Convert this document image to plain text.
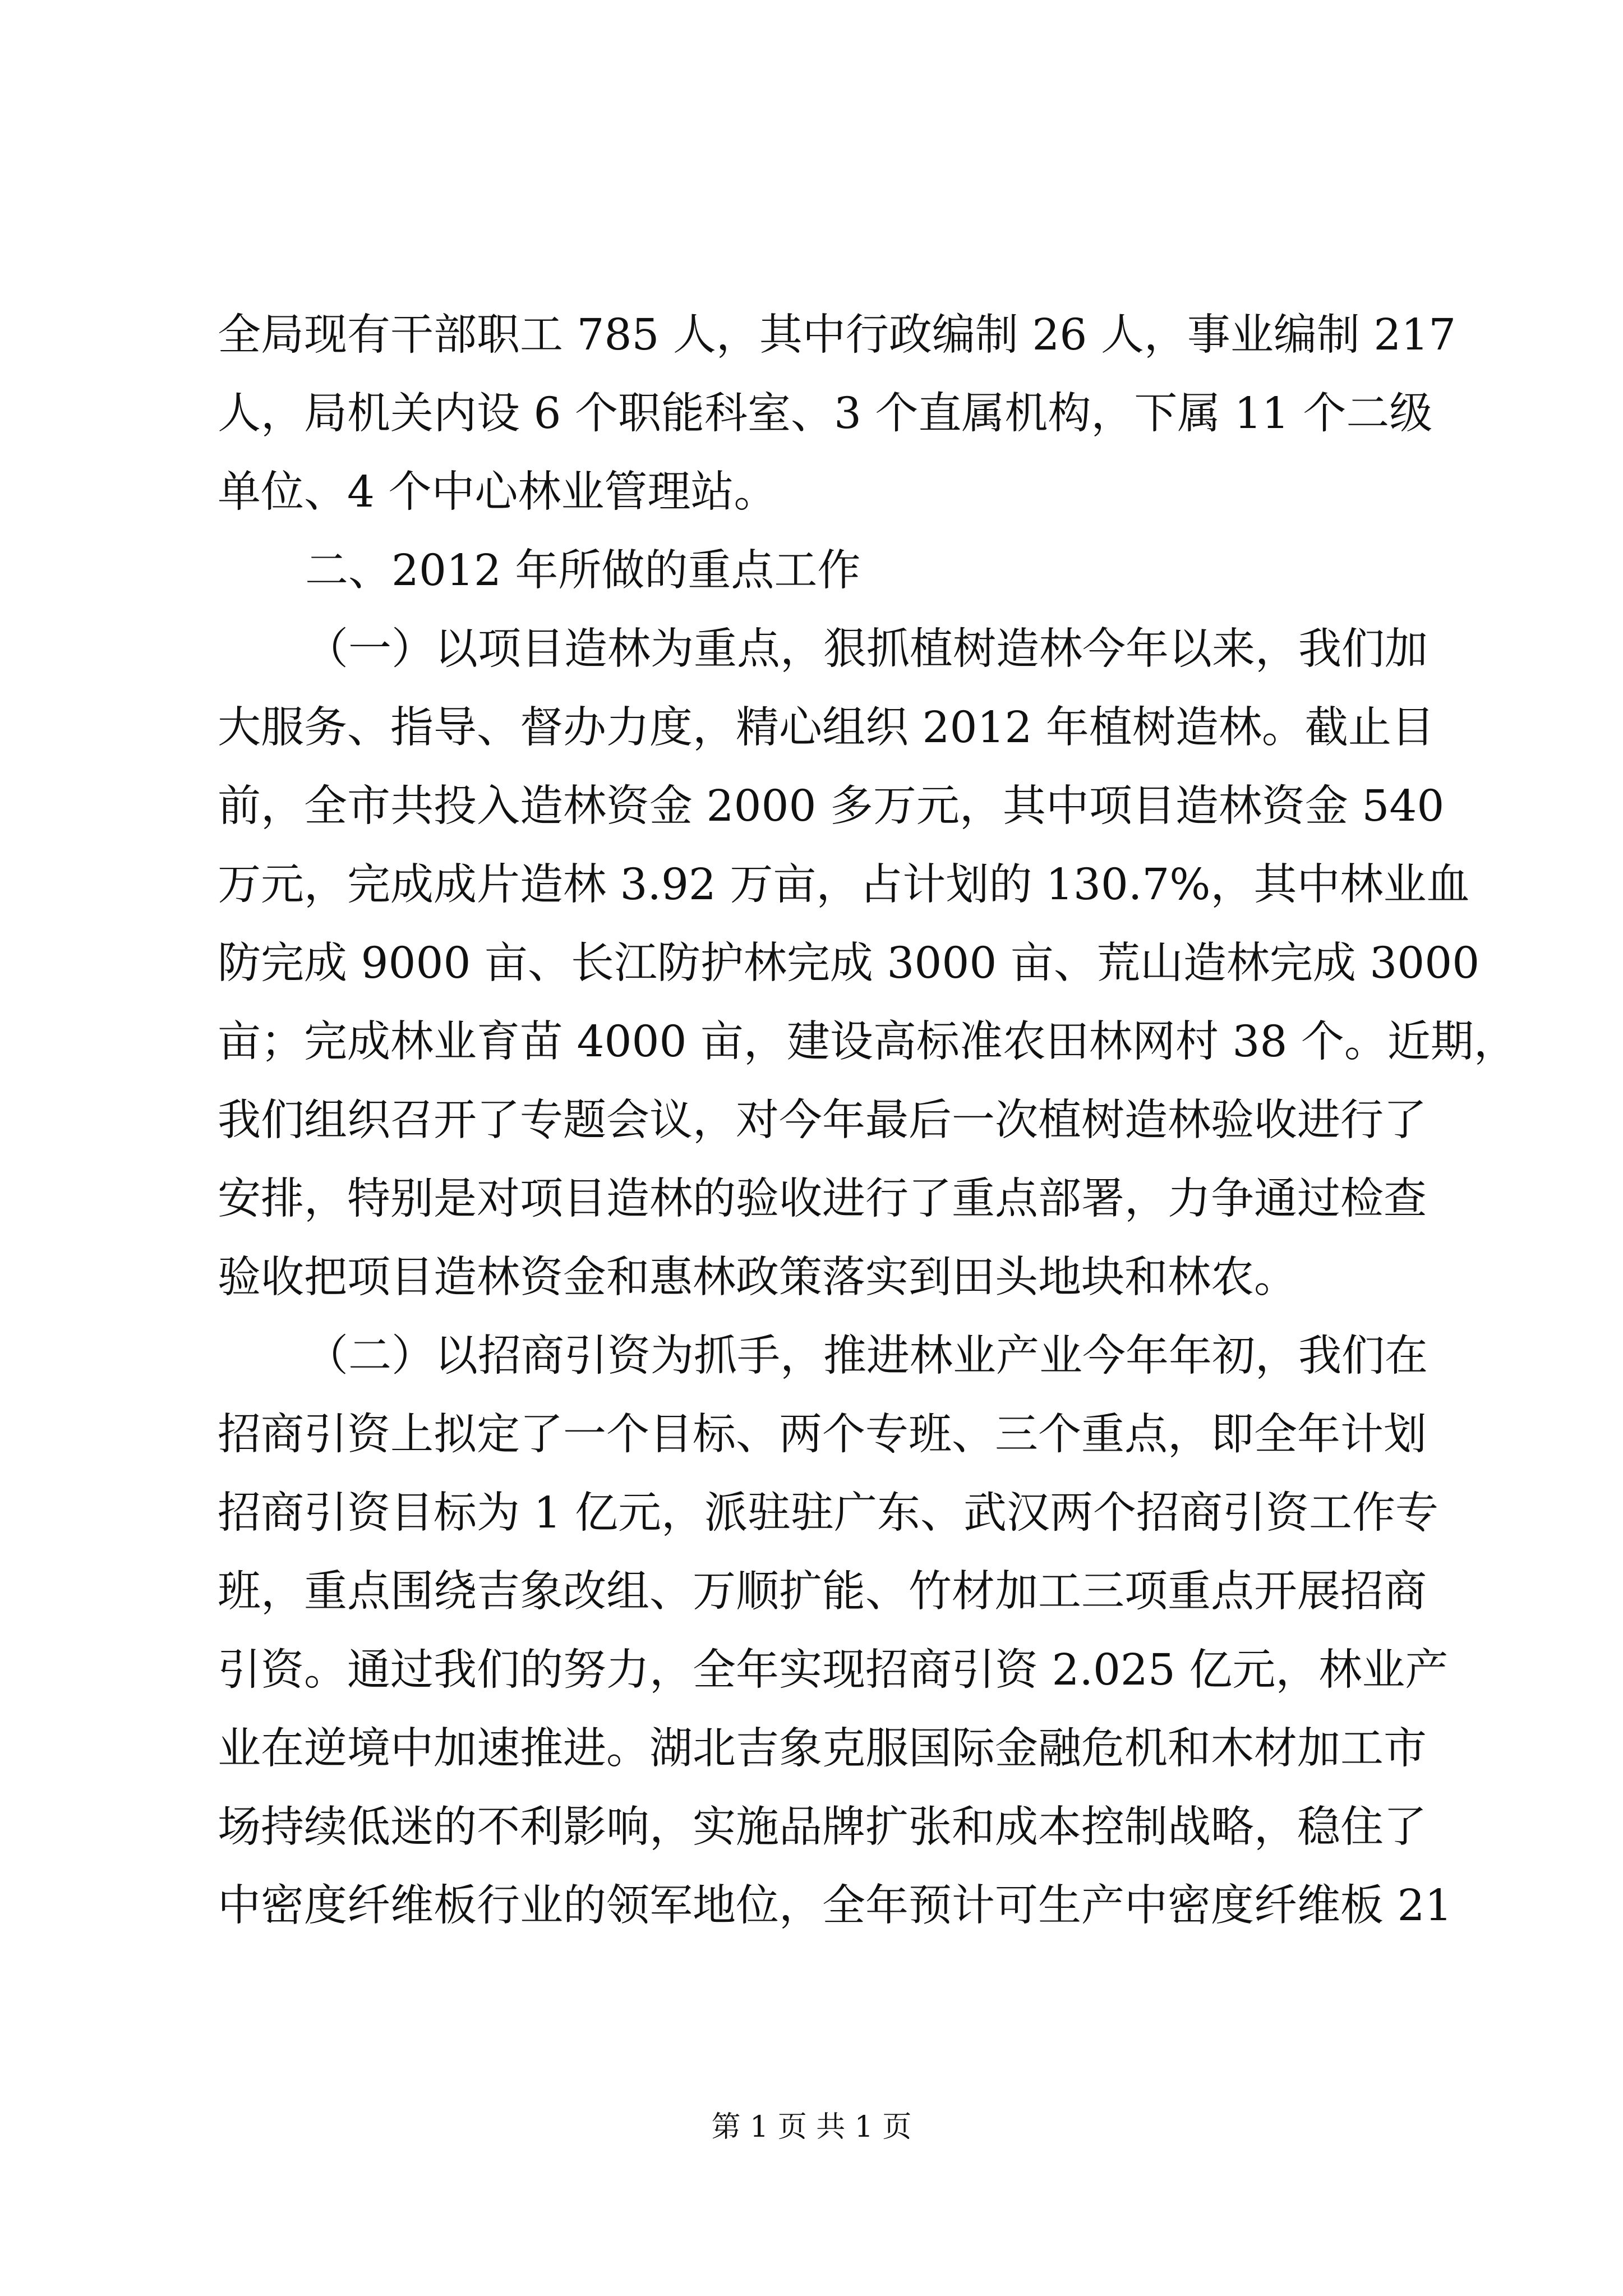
全局现有干部职工 785 人，其中行政编制 26 人，事业编制 217
人，局机关内设 6 个职能科室、3 个直属机构，下属 11 个二级
单位、4 个中心林业管理站。
二、2012 年所做的重点工作
（一）以项目造林为重点，狠抓植树造林今年以来，我们加
大服务、指导、督办力度，精心组织 2012 年植树造林。截止目
前，全市共投入造林资金 2000 多万元，其中项目造林资金 540
万元，完成成片造林 3.92 万亩，占计划的 130.7%，其中林业血
防完成 9000 亩、长江防护林完成 3000 亩、荒山造林完成 3000
亩；完成林业育苗 4000 亩，建设高标准农田林网村 38 个。近期，
我们组织召开了专题会议，对今年最后一次植树造林验收进行了
安排，特别是对项目造林的验收进行了重点部署，力争通过检查
验收把项目造林资金和惠林政策落实到田头地块和林农。
（二）以招商引资为抓手，推进林业产业今年年初，我们在
招商引资上拟定了一个目标、两个专班、三个重点，即全年计划
招商引资目标为 1 亿元，派驻驻广东、武汉两个招商引资工作专
班，重点围绕吉象改组、万顺扩能、竹材加工三项重点开展招商
引资。通过我们的努力，全年实现招商引资 2.025 亿元，林业产
业在逆境中加速推进。湖北吉象克服国际金融危机和木材加工市
场持续低迷的不利影响，实施品牌扩张和成本控制战略，稳住了
中密度纤维板行业的领军地位，全年预计可生产中密度纤维板 21
第 1 页 共 1 页
